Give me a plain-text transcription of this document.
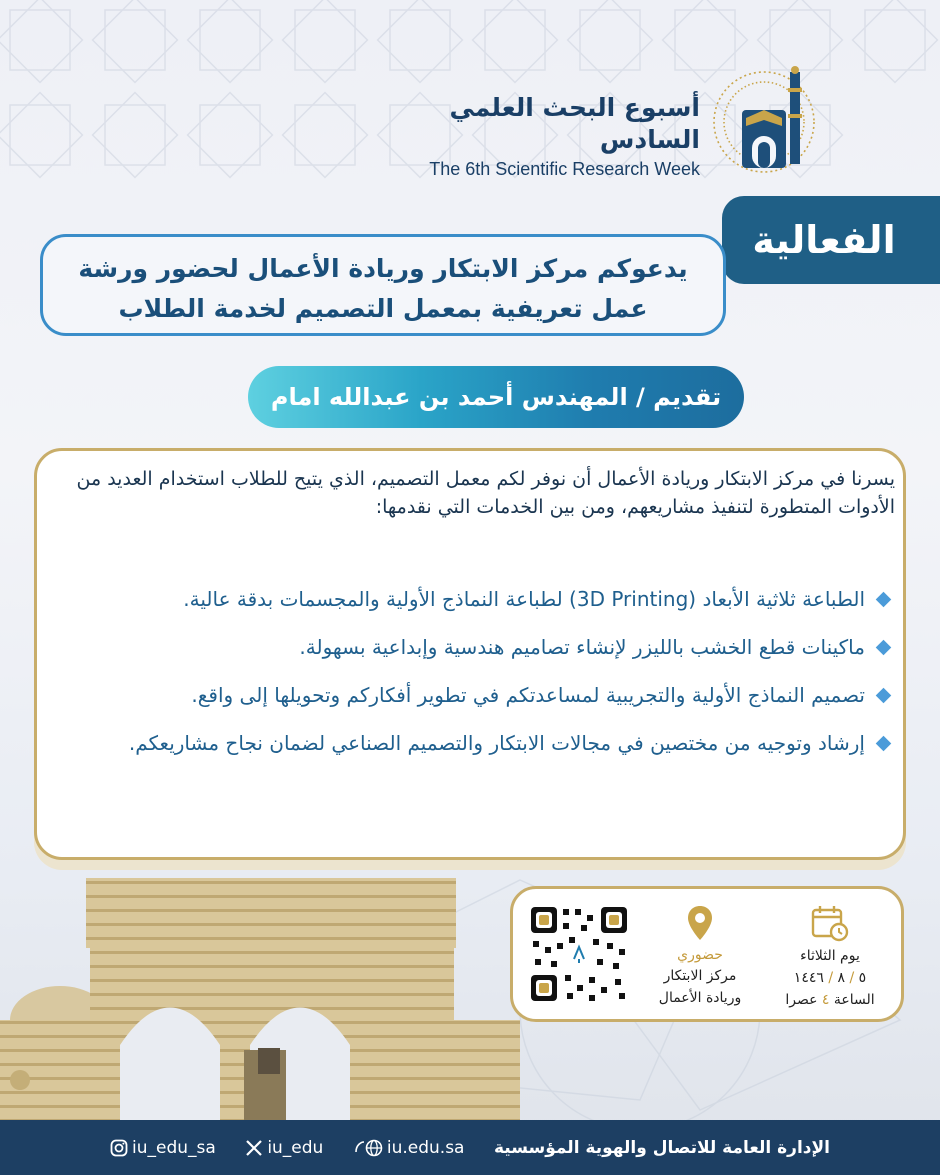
أسبوع البحث العلمي السادس
The 6th Scientific Research Week
الفعالية
يدعوكم مركز الابتكار وريادة الأعمال لحضور ورشة عمل تعريفية بمعمل التصميم لخدمة الطلاب
تقديم / المهندس أحمد بن عبدالله امام

يسرنا في مركز الابتكار وريادة الأعمال أن نوفر لكم معمل التصميم، الذي يتيح للطلاب استخدام العديد من الأدوات المتطورة لتنفيذ مشاريعهم، ومن بين الخدمات التي نقدمها:

الطباعة ثلاثية الأبعاد (3D Printing) لطباعة النماذج الأولية والمجسمات بدقة عالية.
ماكينات قطع الخشب بالليزر لإنشاء تصاميم هندسية وإبداعية بسهولة.
تصميم النماذج الأولية والتجريبية لمساعدتكم في تطوير أفكاركم وتحويلها إلى واقع.
إرشاد وتوجيه من مختصين في مجالات الابتكار والتصميم الصناعي لضمان نجاح مشاريعكم.
حضوري
مركز الابتكار
وريادة الأعمال
يوم الثلاثاء
٥ / ٨ / ١٤٤٦
الساعة ٤ عصرا
iu_edu_sa	iu_edu	iu.edu.sa الإدارة العامة للاتصال والهوية المؤسسية
